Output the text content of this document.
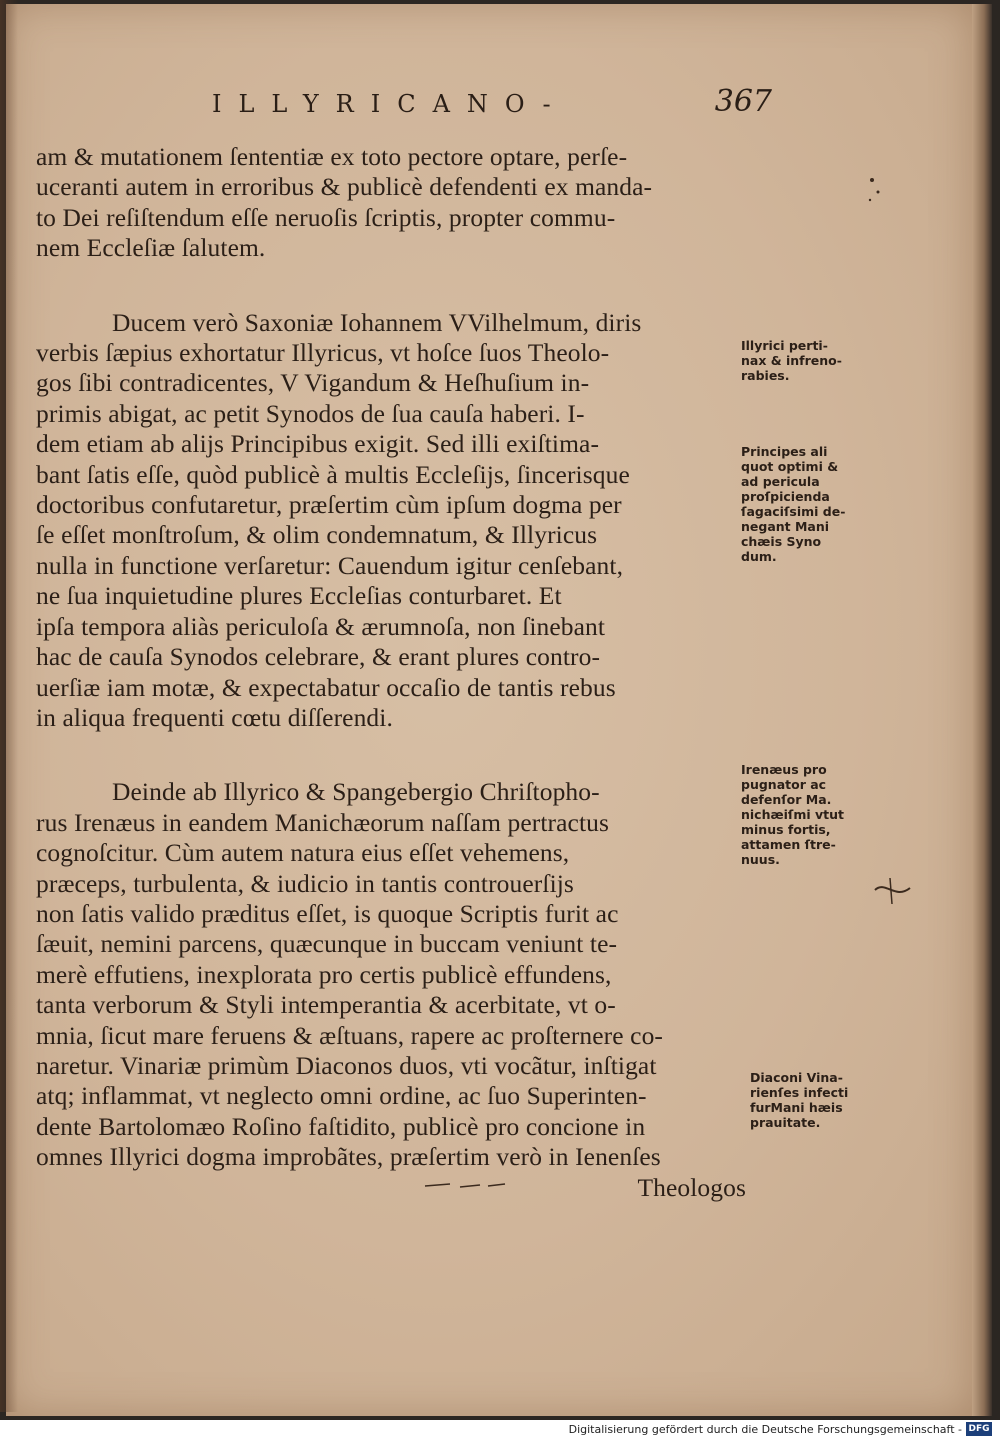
ILLYRICANO-	367
am & mutationem ſententiæ ex toto pectore optare, perſe-
uceranti autem in erroribus & publicè defendenti ex manda-
to Dei reſiſtendum eſſe neruoſis ſcriptis, propter commu-
nem Eccleſiæ ſalutem.
Ducem verò Saxoniæ Iohannem VVilhelmum, diris
verbis ſæpius exhortatur Illyricus, vt hoſce ſuos Theolo-
gos ſibi contradicentes, V Vigandum & Heſhuſium in-
primis abigat, ac petit Synodos de ſua cauſa haberi. I-
dem etiam ab alijs Principibus exigit. Sed illi exiſtima-
bant ſatis eſſe, quòd publicè à multis Eccleſijs, ſincerisque
doctoribus confutaretur, præſertim cùm ipſum dogma per
ſe eſſet monſtroſum, & olim condemnatum, & Illyricus
nulla in functione verſaretur: Cauendum igitur cenſebant,
ne ſua inquietudine plures Eccleſias conturbaret. Et
ipſa tempora aliàs periculoſa & ærumnoſa, non ſinebant
hac de cauſa Synodos celebrare, & erant plures contro-
uerſiæ iam motæ, & expectabatur occaſio de tantis rebus
in aliqua frequenti cœtu diſſerendi.
Deinde ab Illyrico & Spangebergio Chriſtopho-
rus Irenæus in eandem Manichæorum naſſam pertractus
cognoſcitur. Cùm autem natura eius eſſet vehemens,
præceps, turbulenta, & iudicio in tantis controuerſijs
non ſatis valido præditus eſſet, is quoque Scriptis furit ac
ſæuit, nemini parcens, quæcunque in buccam veniunt te-
merè effutiens, inexplorata pro certis publicè effundens,
tanta verborum & Styli intemperantia & acerbitate, vt o-
mnia, ſicut mare feruens & æſtuans, rapere ac proſternere co-
naretur. Vinariæ primùm Diaconos duos, vti vocãtur, inſtigat
atq; inflammat, vt neglecto omni ordine, ac ſuo Superinten-
dente Bartolomæo Roſino faſtidito, publicè pro concione in
omnes Illyrici dogma improbãtes, præſertim verò in Ienenſes
Theologos
Illyrici perti-
nax & infreno-
rabies.
Principes ali
quot optimi &
ad pericula
proſpicienda
ſagaciſsimi de-
negant Mani
chæis Syno
dum.
Irenæus pro
pugnator ac
defenſor Ma.
nichæiſmi vtut
minus fortis,
attamen ſtre-
nuus.
Diaconi Vina-
rienſes infecti
furMani hæis
prauitate.
Digitalisierung gefördert durch die Deutsche Forschungsgemeinschaft - DFG
